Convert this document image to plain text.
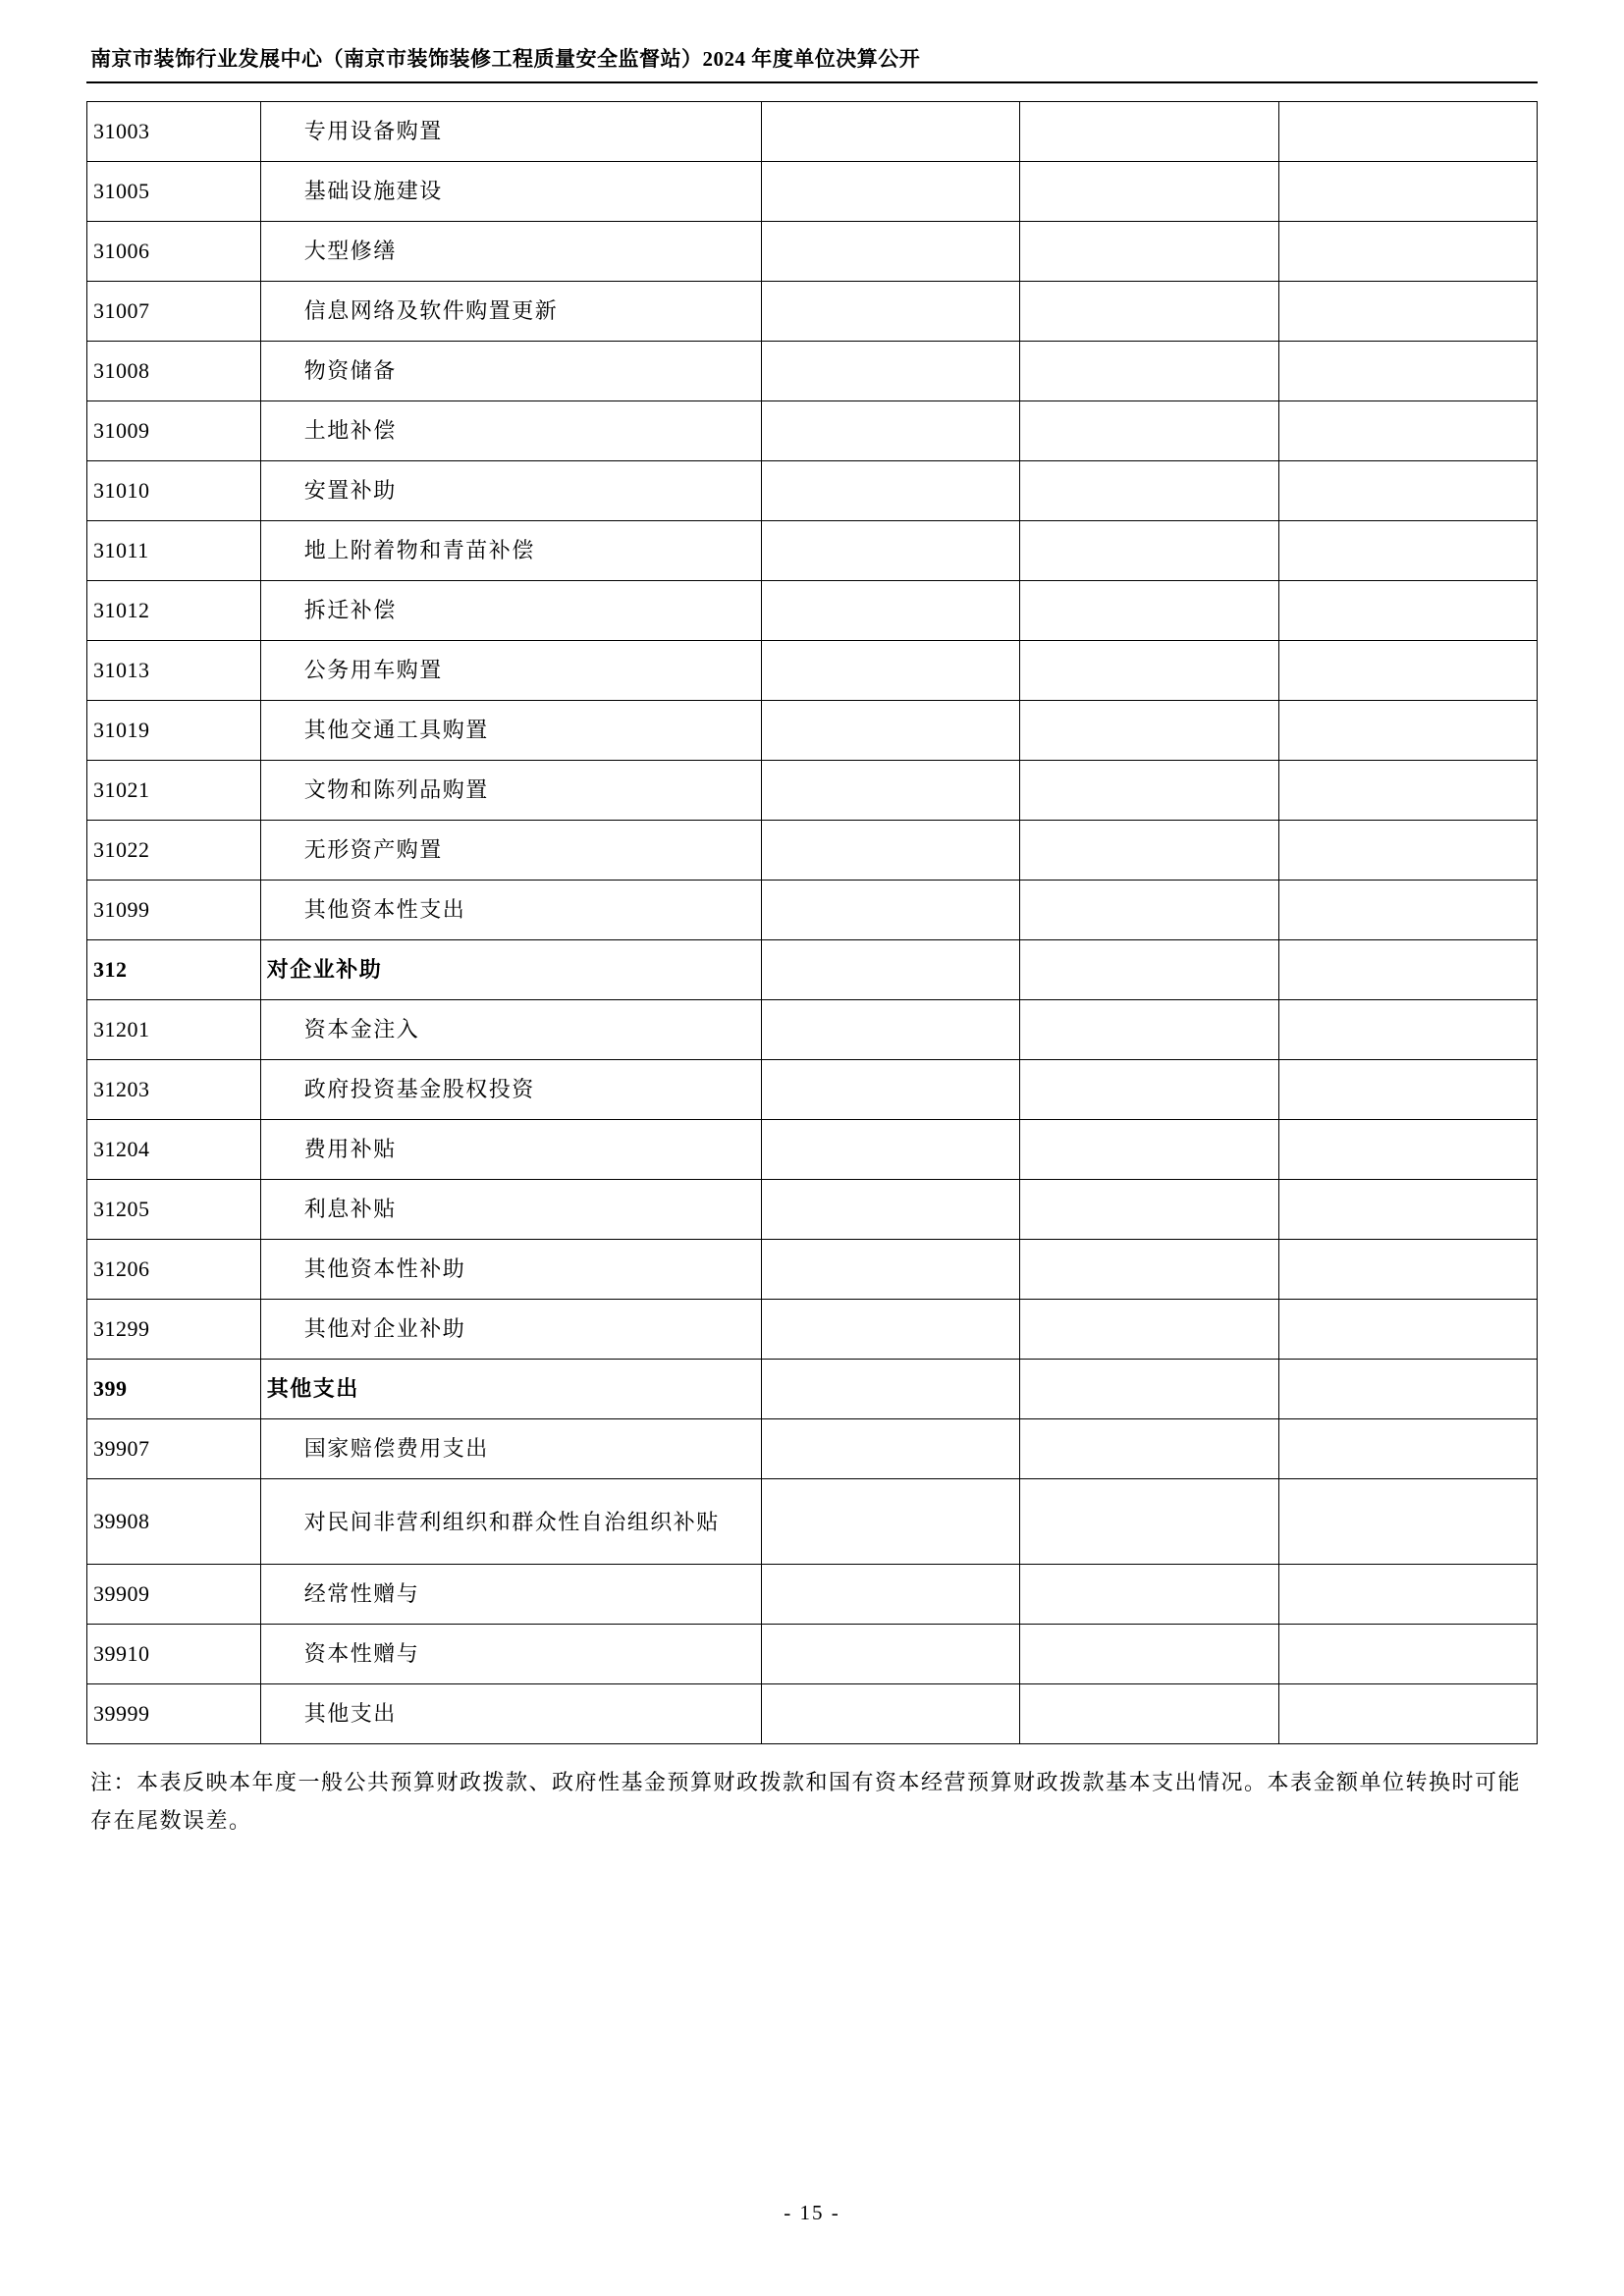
南京市装饰行业发展中心（南京市装饰装修工程质量安全监督站）2024 年度单位决算公开
31003	专用设备购置			
31005	基础设施建设			
31006	大型修缮			
31007	信息网络及软件购置更新			
31008	物资储备			
31009	土地补偿			
31010	安置补助			
31011	地上附着物和青苗补偿			
31012	拆迁补偿			
31013	公务用车购置			
31019	其他交通工具购置			
31021	文物和陈列品购置			
31022	无形资产购置			
31099	其他资本性支出			
312	对企业补助			
31201	资本金注入			
31203	政府投资基金股权投资			
31204	费用补贴			
31205	利息补贴			
31206	其他资本性补助			
31299	其他对企业补助			
399	其他支出			
39907	国家赔偿费用支出			
39908	对民间非营利组织和群众性自治组织补贴			
39909	经常性赠与			
39910	资本性赠与			
39999	其他支出			
注：本表反映本年度一般公共预算财政拨款、政府性基金预算财政拨款和国有资本经营预算财政拨款基本支出情况。本表金额单位转换时可能存在尾数误差。
- 15 -
